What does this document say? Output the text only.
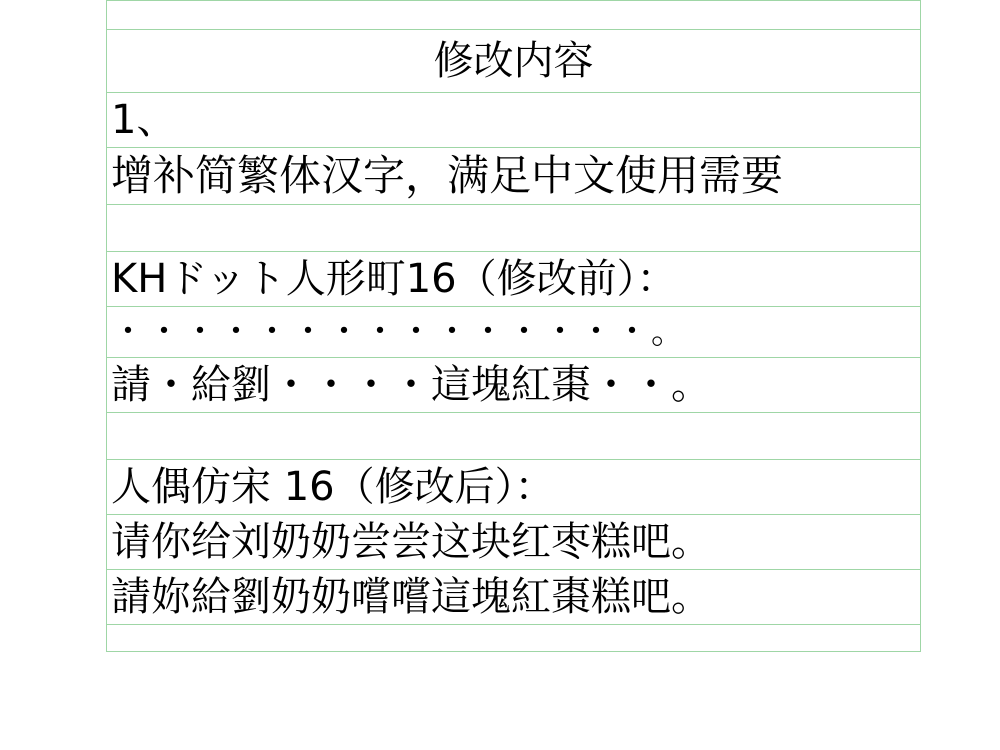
修改内容
1、
增补简繁体汉字，满足中文使用需要

KHドット人形町16（修改前）：
・・・・・・・・・・・・・・・。
請・給劉・・・・這塊紅棗・・。

人偶仿宋 16（修改后）：
请你给刘奶奶尝尝这块红枣糕吧。
請妳給劉奶奶嚐嚐這塊紅棗糕吧。
